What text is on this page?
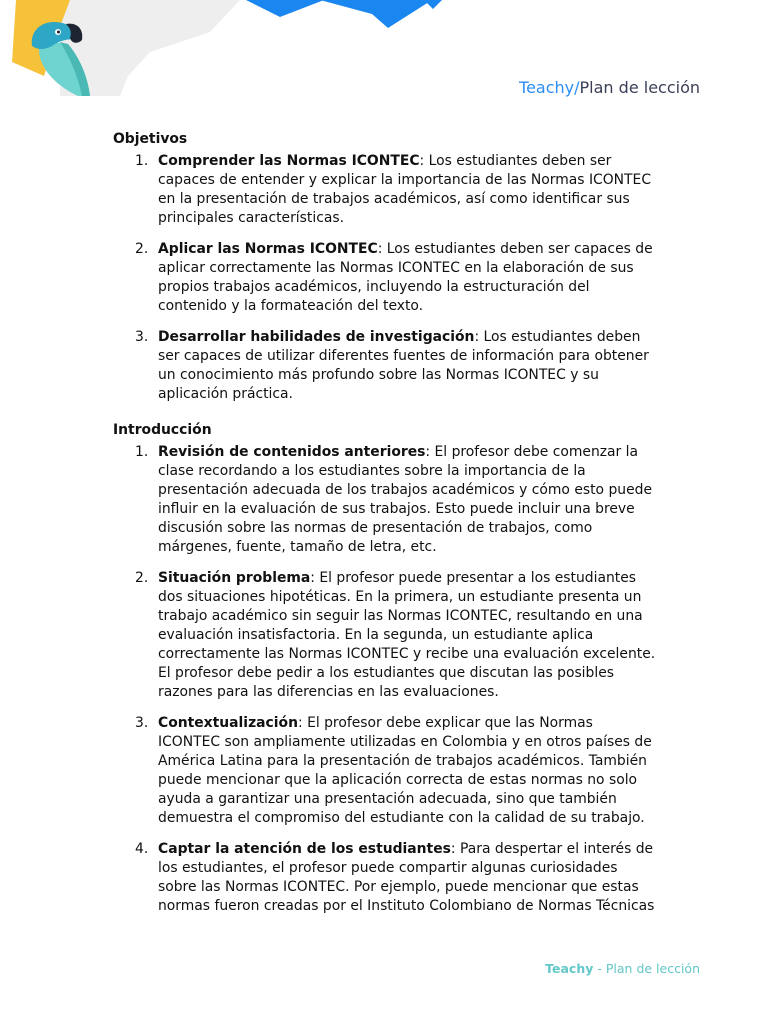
Teachy/Plan de lección
Objetivos
1. Comprender las Normas ICONTEC: Los estudiantes deben ser capaces de entender y explicar la importancia de las Normas ICONTEC en la presentación de trabajos académicos, así como identificar sus principales características.
2. Aplicar las Normas ICONTEC: Los estudiantes deben ser capaces de aplicar correctamente las Normas ICONTEC en la elaboración de sus propios trabajos académicos, incluyendo la estructuración del contenido y la formateación del texto.
3. Desarrollar habilidades de investigación: Los estudiantes deben ser capaces de utilizar diferentes fuentes de información para obtener un conocimiento más profundo sobre las Normas ICONTEC y su aplicación práctica.
Introducción
1. Revisión de contenidos anteriores: El profesor debe comenzar la clase recordando a los estudiantes sobre la importancia de la presentación adecuada de los trabajos académicos y cómo esto puede influir en la evaluación de sus trabajos. Esto puede incluir una breve discusión sobre las normas de presentación de trabajos, como márgenes, fuente, tamaño de letra, etc.
2. Situación problema: El profesor puede presentar a los estudiantes dos situaciones hipotéticas. En la primera, un estudiante presenta un trabajo académico sin seguir las Normas ICONTEC, resultando en una evaluación insatisfactoria. En la segunda, un estudiante aplica correctamente las Normas ICONTEC y recibe una evaluación excelente. El profesor debe pedir a los estudiantes que discutan las posibles razones para las diferencias en las evaluaciones.
3. Contextualización: El profesor debe explicar que las Normas ICONTEC son ampliamente utilizadas en Colombia y en otros países de América Latina para la presentación de trabajos académicos. También puede mencionar que la aplicación correcta de estas normas no solo ayuda a garantizar una presentación adecuada, sino que también demuestra el compromiso del estudiante con la calidad de su trabajo.
4. Captar la atención de los estudiantes: Para despertar el interés de los estudiantes, el profesor puede compartir algunas curiosidades sobre las Normas ICONTEC. Por ejemplo, puede mencionar que estas normas fueron creadas por el Instituto Colombiano de Normas Técnicas
Teachy - Plan de lección
